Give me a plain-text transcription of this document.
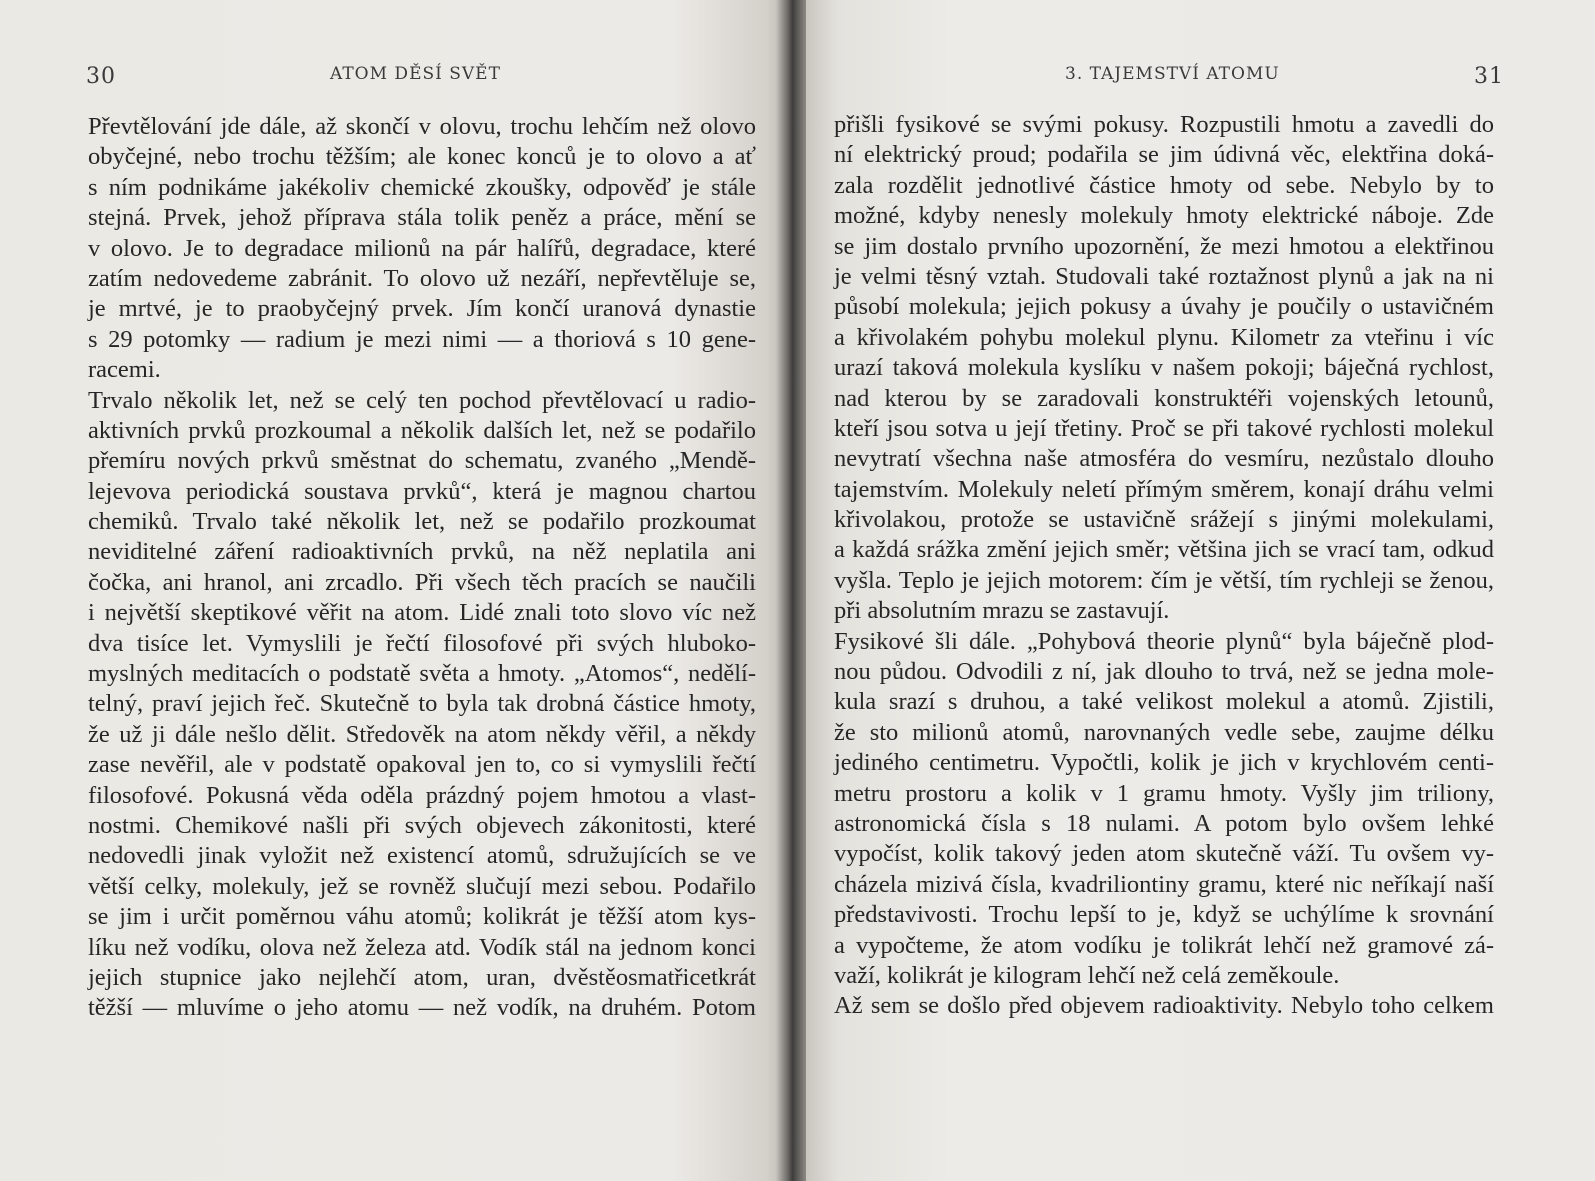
30	ATOM DĚSÍ SVĚT
Převtělování jde dále, až skončí v olovu, trochu lehčím než olovo
obyčejné, nebo trochu těžším; ale konec konců je to olovo a ať
s ním podnikáme jakékoliv chemické zkoušky, odpověď je stále
stejná. Prvek, jehož příprava stála tolik peněz a práce, mění se
v olovo. Je to degradace milionů na pár halířů, degradace, které
zatím nedovedeme zabránit. To olovo už nezáří, nepřevtěluje se,
je mrtvé, je to praobyčejný prvek. Jím končí uranová dynastie
s 29 potomky — radium je mezi nimi — a thoriová s 10 gene-
racemi.
Trvalo několik let, než se celý ten pochod převtělovací u radio-
aktivních prvků prozkoumal a několik dalších let, než se podařilo
přemíru nových prkvů směstnat do schematu, zvaného „Mendě-
lejevova periodická soustava prvků“, která je magnou chartou
chemiků. Trvalo také několik let, než se podařilo prozkoumat
neviditelné záření radioaktivních prvků, na něž neplatila ani
čočka, ani hranol, ani zrcadlo. Při všech těch pracích se naučili
i největší skeptikové věřit na atom. Lidé znali toto slovo víc než
dva tisíce let. Vymyslili je řečtí filosofové při svých hluboko-
myslných meditacích o podstatě světa a hmoty. „Atomos“, nedělí-
telný, praví jejich řeč. Skutečně to byla tak drobná částice hmoty,
že už ji dále nešlo dělit. Středověk na atom někdy věřil, a někdy
zase nevěřil, ale v podstatě opakoval jen to, co si vymyslili řečtí
filosofové. Pokusná věda oděla prázdný pojem hmotou a vlast-
nostmi. Chemikové našli při svých objevech zákonitosti, které
nedovedli jinak vyložit než existencí atomů, sdružujících se ve
větší celky, molekuly, jež se rovněž slučují mezi sebou. Podařilo
se jim i určit poměrnou váhu atomů; kolikrát je těžší atom kys-
líku než vodíku, olova než železa atd. Vodík stál na jednom konci
jejich stupnice jako nejlehčí atom, uran, dvěstěosmatřicetkrát
těžší — mluvíme o jeho atomu — než vodík, na druhém. Potom
3. TAJEMSTVÍ ATOMU	31
přišli fysikové se svými pokusy. Rozpustili hmotu a zavedli do
ní elektrický proud; podařila se jim údivná věc, elektřina doká-
zala rozdělit jednotlivé částice hmoty od sebe. Nebylo by to
možné, kdyby nenesly molekuly hmoty elektrické náboje. Zde
se jim dostalo prvního upozornění, že mezi hmotou a elektřinou
je velmi těsný vztah. Studovali také roztažnost plynů a jak na ni
působí molekula; jejich pokusy a úvahy je poučily o ustavičném
a křivolakém pohybu molekul plynu. Kilometr za vteřinu i víc
urazí taková molekula kyslíku v našem pokoji; báječná rychlost,
nad kterou by se zaradovali konstruktéři vojenských letounů,
kteří jsou sotva u její třetiny. Proč se při takové rychlosti molekul
nevytratí všechna naše atmosféra do vesmíru, nezůstalo dlouho
tajemstvím. Molekuly neletí přímým směrem, konají dráhu velmi
křivolakou, protože se ustavičně srážejí s jinými molekulami,
a každá srážka změní jejich směr; většina jich se vrací tam, odkud
vyšla. Teplo je jejich motorem: čím je větší, tím rychleji se ženou,
při absolutním mrazu se zastavují.
Fysikové šli dále. „Pohybová theorie plynů“ byla báječně plod-
nou půdou. Odvodili z ní, jak dlouho to trvá, než se jedna mole-
kula srazí s druhou, a také velikost molekul a atomů. Zjistili,
že sto milionů atomů, narovnaných vedle sebe, zaujme délku
jediného centimetru. Vypočtli, kolik je jich v krychlovém centi-
metru prostoru a kolik v 1 gramu hmoty. Vyšly jim triliony,
astronomická čísla s 18 nulami. A potom bylo ovšem lehké
vypočíst, kolik takový jeden atom skutečně váží. Tu ovšem vy-
cházela mizivá čísla, kvadriliontiny gramu, které nic neříkají naší
představivosti. Trochu lepší to je, když se uchýlíme k srovnání
a vypočteme, že atom vodíku je tolikrát lehčí než gramové zá-
važí, kolikrát je kilogram lehčí než celá zeměkoule.
Až sem se došlo před objevem radioaktivity. Nebylo toho celkem
